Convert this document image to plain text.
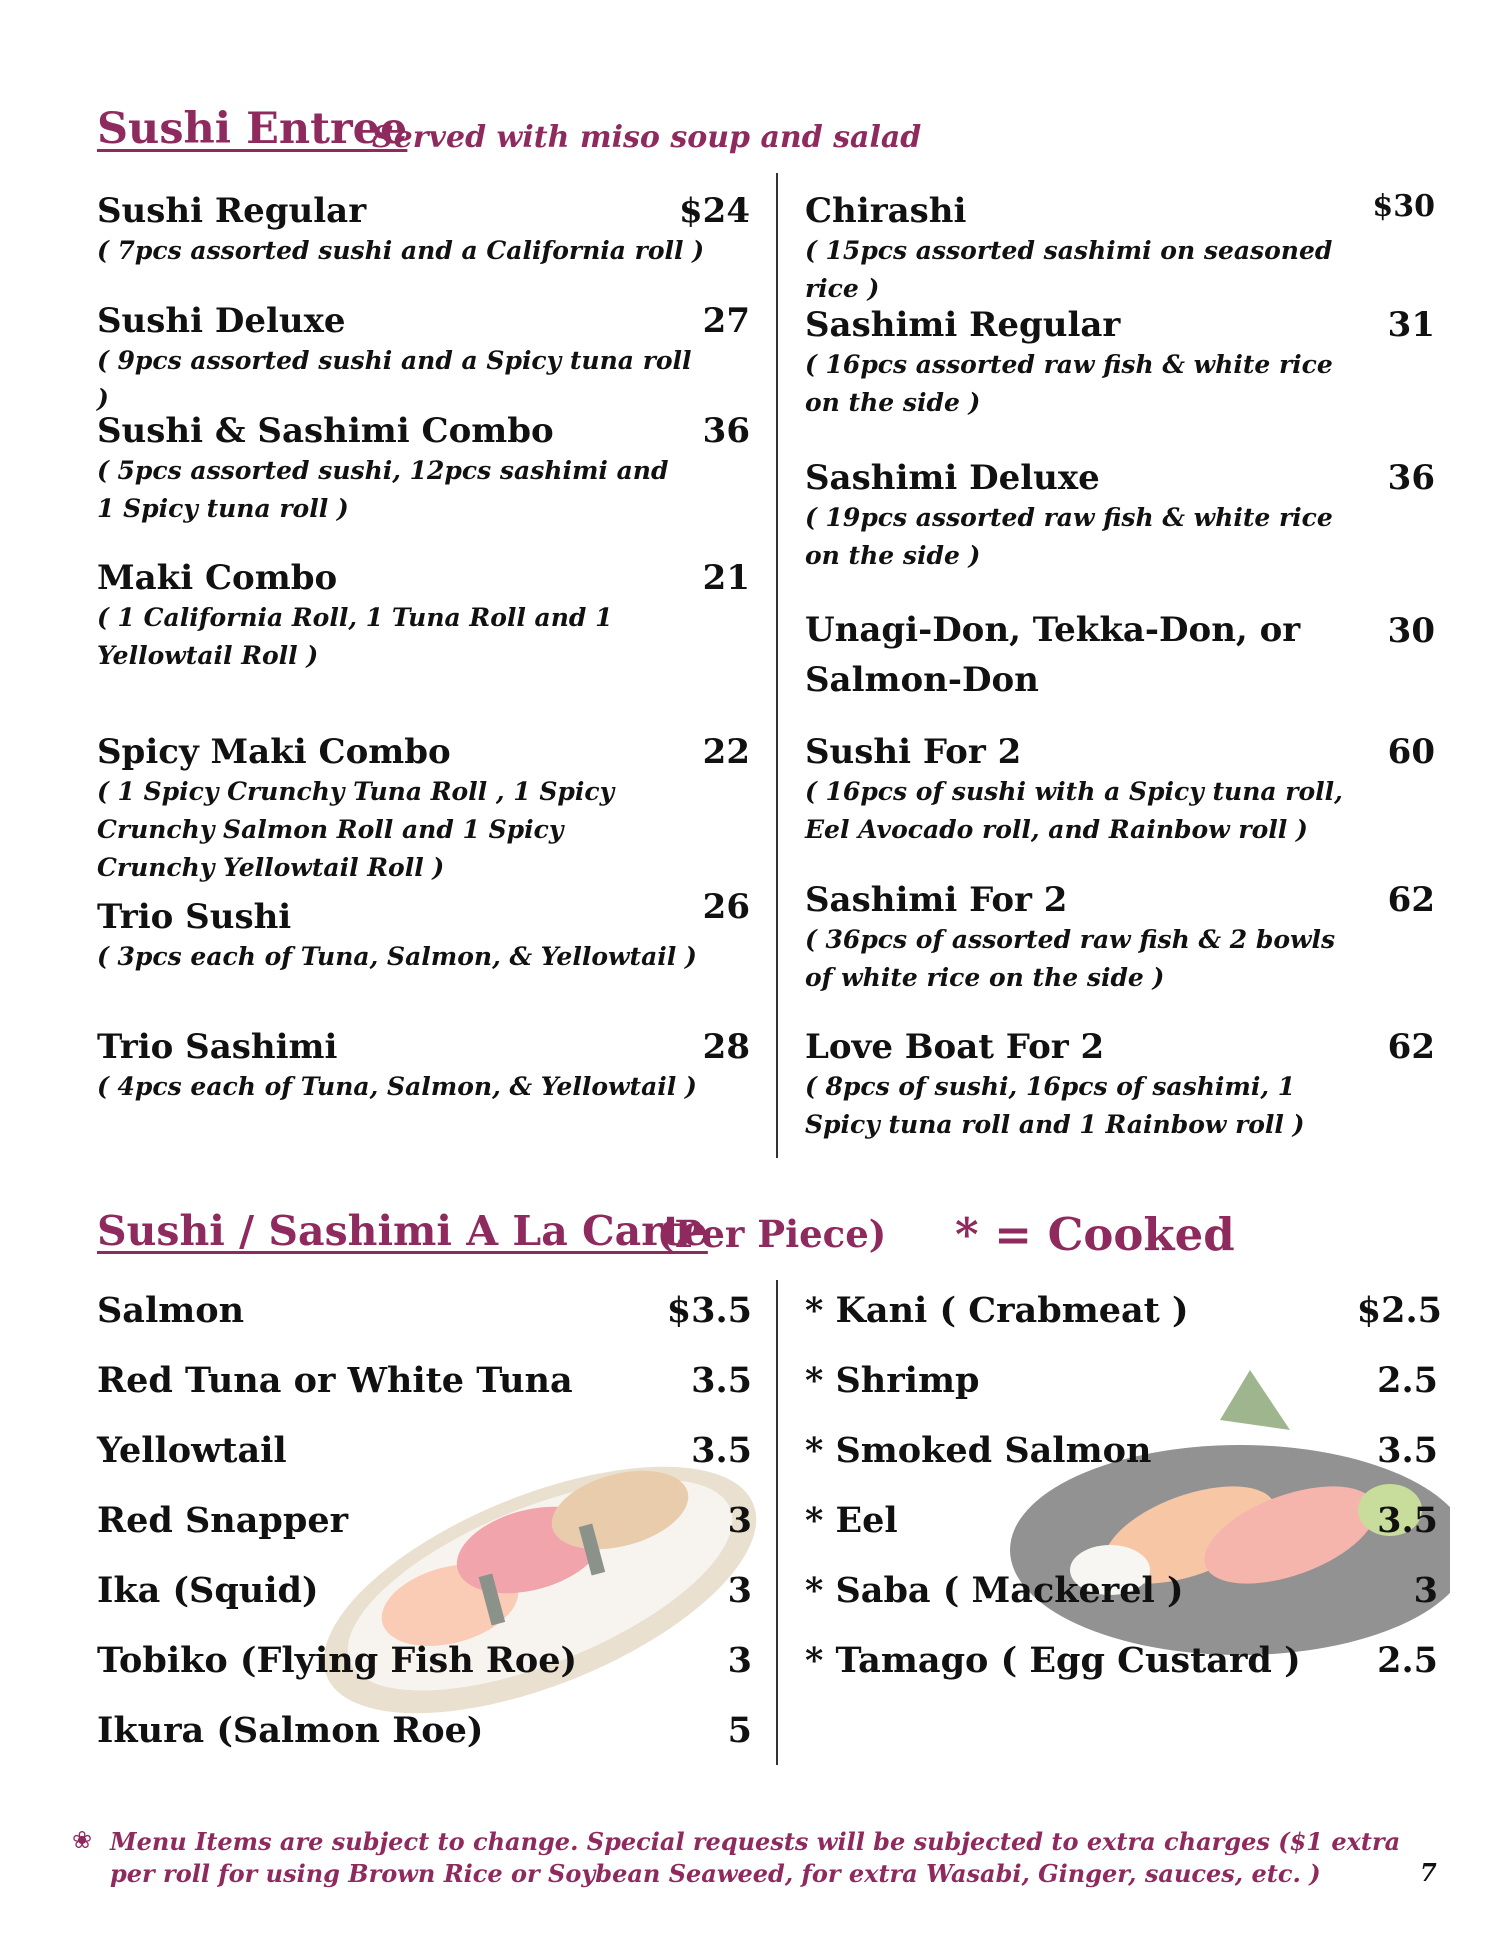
Sushi Entree
Served with miso soup and salad
Sushi Regular
( 7pcs assorted sushi and a California roll )
$24
Sushi Deluxe
( 9pcs assorted sushi and a Spicy tuna roll )
27
Sushi & Sashimi Combo
( 5pcs assorted sushi, 12pcs sashimi and 1 Spicy tuna roll )
36
Maki Combo
( 1 California Roll, 1 Tuna Roll and 1 Yellowtail Roll )
21
Spicy Maki Combo
( 1 Spicy Crunchy Tuna Roll , 1 Spicy Crunchy Salmon Roll and 1 Spicy Crunchy Yellowtail Roll )
22
Trio Sushi
( 3pcs each of Tuna, Salmon, & Yellowtail )
26
Trio Sashimi
( 4pcs each of Tuna, Salmon, & Yellowtail )
28
Chirashi
( 15pcs assorted sashimi on seasoned rice )
$30
Sashimi Regular
( 16pcs assorted raw fish & white rice on the side )
31
Sashimi Deluxe
( 19pcs assorted raw fish & white rice on the side )
36
Unagi-Don, Tekka-Don, or Salmon-Don
30
Sushi For 2
( 16pcs of sushi with a Spicy tuna roll, Eel Avocado roll, and Rainbow roll )
60
Sashimi For 2
( 36pcs of assorted raw fish & 2 bowls of white rice on the side )
62
Love Boat For 2
( 8pcs of sushi, 16pcs of sashimi, 1 Spicy tuna roll and 1 Rainbow roll )
62
Sushi / Sashimi A La Carte
(Per Piece) * = Cooked
Salmon	$3.5
Red Tuna or White Tuna	3.5
Yellowtail	3.5
Red Snapper	3
Ika (Squid)	3
Tobiko (Flying Fish Roe)	3
Ikura (Salmon Roe)	5
* Kani ( Crabmeat )	$2.5
* Shrimp	2.5
* Smoked Salmon	3.5
* Eel	3.5
* Saba ( Mackerel )	3
* Tamago ( Egg Custard )	2.5
❀ Menu Items are subject to change. Special requests will be subjected to extra charges ($1 extra per roll for using Brown Rice or Soybean Seaweed, for extra Wasabi, Ginger, sauces, etc. )	7
